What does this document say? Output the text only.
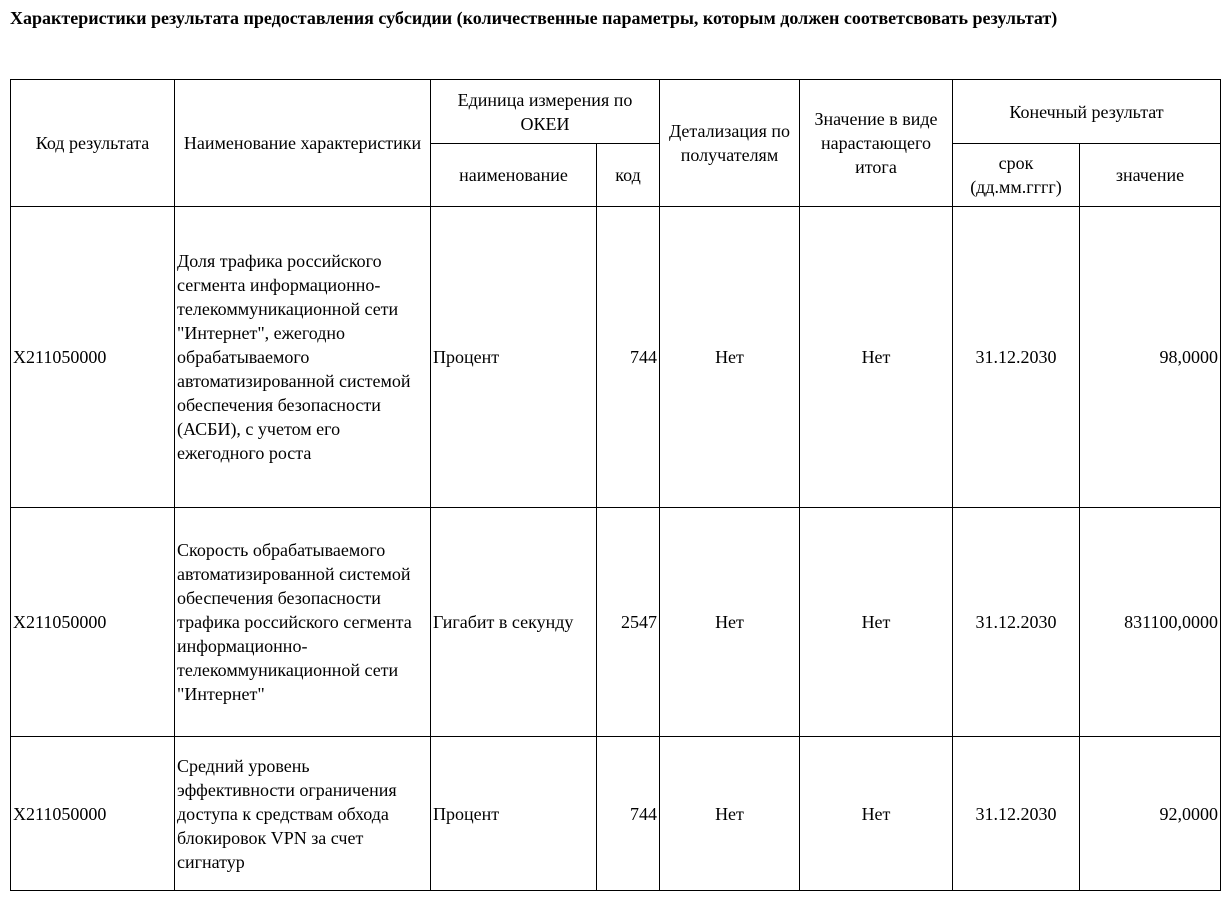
Характеристики результата предоставления субсидии (количественные параметры, которым должен соответсвовать результат)
Код результата	Наименование характеристики	Единица измерения по ОКЕИ		Детализация по получателям	Значение в виде нарастающего итога	Конечный результат	
		наименование	код			срок (дд.мм.гггг)	значение
X211050000	Доля трафика российского сегмента информационно-телекоммуникационной сети "Интернет", ежегодно обрабатываемого автоматизированной системой обеспечения безопасности (АСБИ), с учетом его ежегодного роста	Процент	744	Нет	Нет	31.12.2030	98,0000
X211050000	Скорость обрабатываемого автоматизированной системой обеспечения безопасности трафика российского сегмента информационно-телекоммуникационной сети "Интернет"	Гигабит в секунду	2547	Нет	Нет	31.12.2030	831100,0000
X211050000	Средний уровень эффективности ограничения доступа к средствам обхода блокировок VPN за счет сигнатур	Процент	744	Нет	Нет	31.12.2030	92,0000
